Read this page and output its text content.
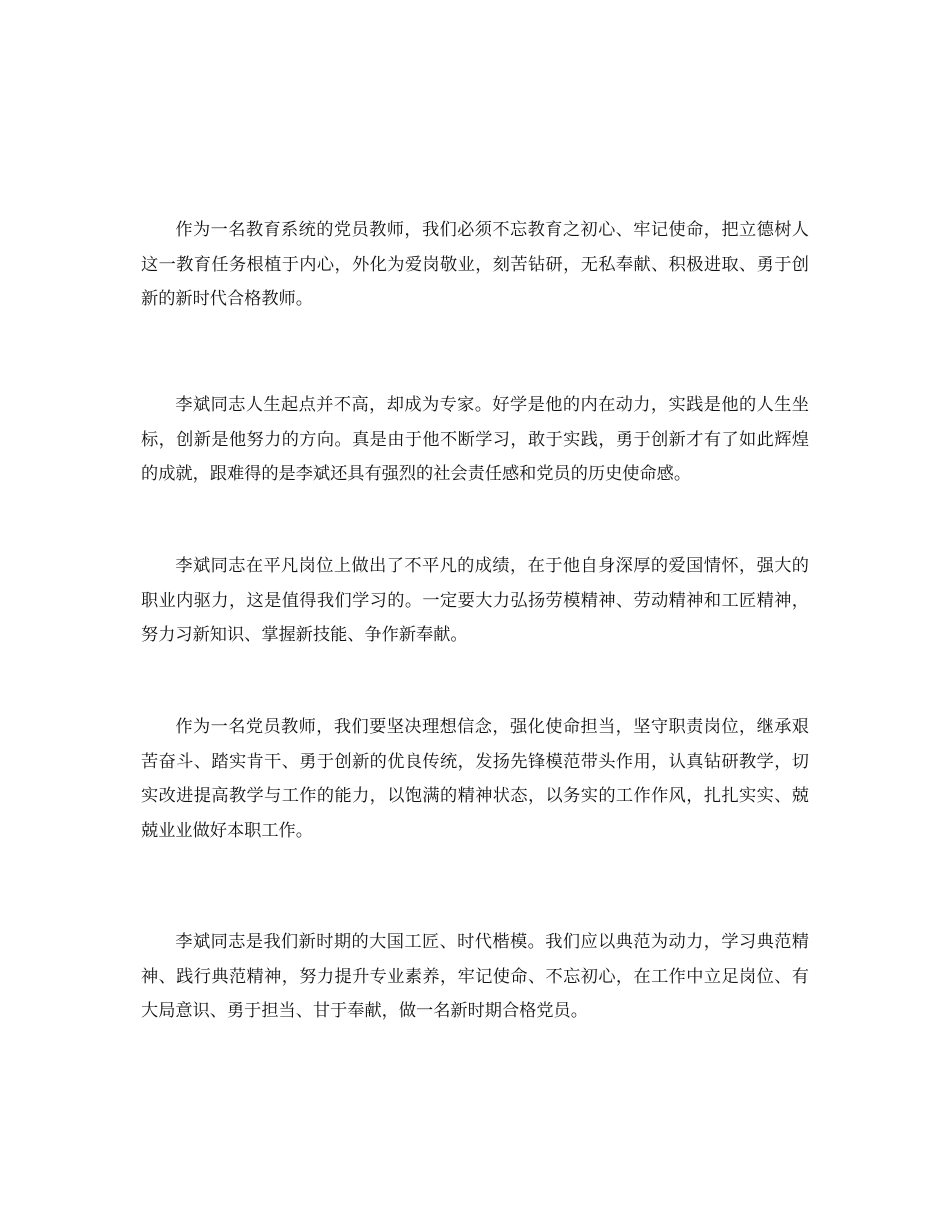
作为一名教育系统的党员教师，我们必须不忘教育之初心、牢记使命，把立德树人这一教育任务根植于内心，外化为爱岗敬业，刻苦钻研，无私奉献、积极进取、勇于创新的新时代合格教师。

李斌同志人生起点并不高，却成为专家。好学是他的内在动力，实践是他的人生坐标，创新是他努力的方向。真是由于他不断学习，敢于实践，勇于创新才有了如此辉煌的成就，跟难得的是李斌还具有强烈的社会责任感和党员的历史使命感。

李斌同志在平凡岗位上做出了不平凡的成绩，在于他自身深厚的爱国情怀，强大的职业内驱力，这是值得我们学习的。一定要大力弘扬劳模精神、劳动精神和工匠精神，努力习新知识、掌握新技能、争作新奉献。

作为一名党员教师，我们要坚决理想信念，强化使命担当，坚守职责岗位，继承艰苦奋斗、踏实肯干、勇于创新的优良传统，发扬先锋模范带头作用，认真钻研教学，切实改进提高教学与工作的能力，以饱满的精神状态，以务实的工作作风，扎扎实实、兢兢业业做好本职工作。

李斌同志是我们新时期的大国工匠、时代楷模。我们应以典范为动力，学习典范精神、践行典范精神，努力提升专业素养，牢记使命、不忘初心，在工作中立足岗位、有大局意识、勇于担当、甘于奉献，做一名新时期合格党员。
